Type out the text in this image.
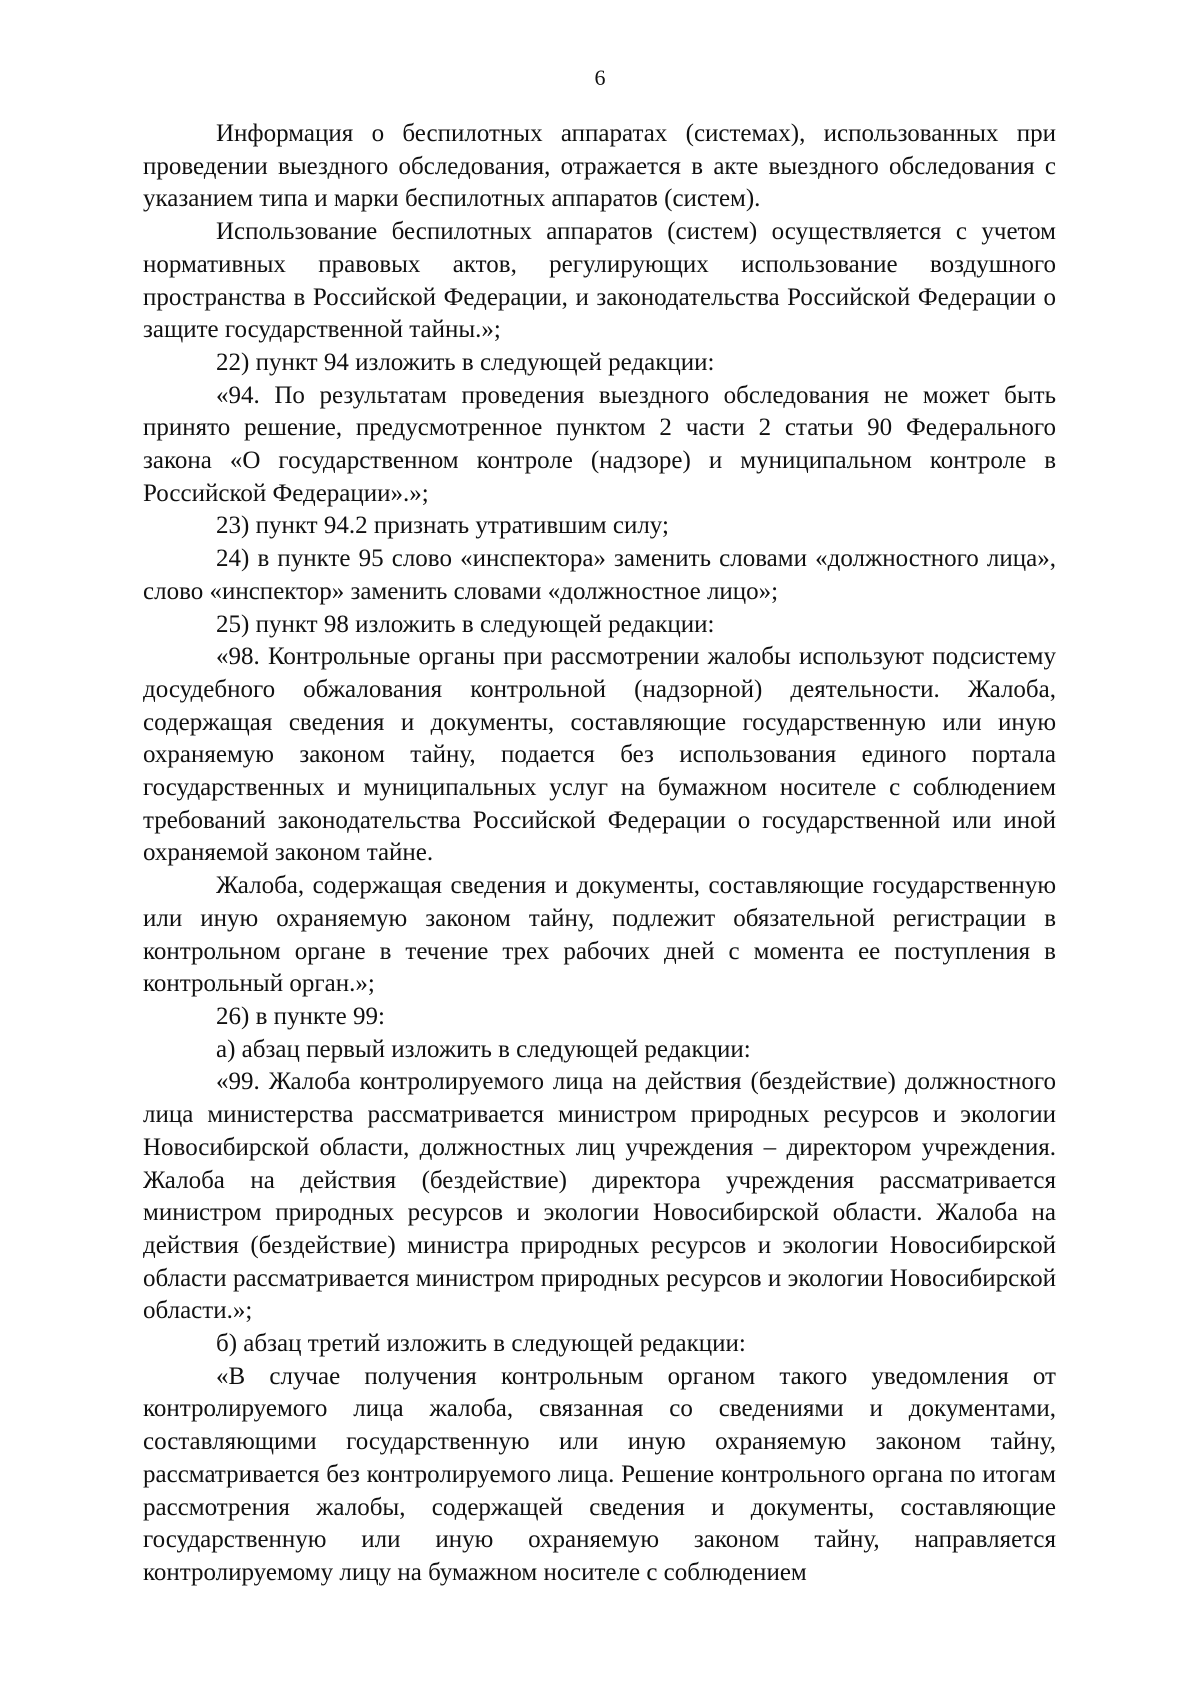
6

Информация о беспилотных аппаратах (системах), использованных при проведении выездного обследования, отражается в акте выездного обследования с указанием типа и марки беспилотных аппаратов (систем).

Использование беспилотных аппаратов (систем) осуществляется с учетом нормативных правовых актов, регулирующих использование воздушного пространства в Российской Федерации, и законодательства Российской Федерации о защите государственной тайны.»;

22) пункт 94 изложить в следующей редакции:

«94. По результатам проведения выездного обследования не может быть принято решение, предусмотренное пунктом 2 части 2 статьи 90 Федерального закона «О государственном контроле (надзоре) и муниципальном контроле в Российской Федерации».»;

23) пункт 94.2 признать утратившим силу;

24) в пункте 95 слово «инспектора» заменить словами «должностного лица», слово «инспектор» заменить словами «должностное лицо»;

25) пункт 98 изложить в следующей редакции:

«98. Контрольные органы при рассмотрении жалобы используют подсистему досудебного обжалования контрольной (надзорной) деятельности. Жалоба, содержащая сведения и документы, составляющие государственную или иную охраняемую законом тайну, подается без использования единого портала государственных и муниципальных услуг на бумажном носителе с соблюдением требований законодательства Российской Федерации о государственной или иной охраняемой законом тайне.

Жалоба, содержащая сведения и документы, составляющие государственную или иную охраняемую законом тайну, подлежит обязательной регистрации в контрольном органе в течение трех рабочих дней с момента ее поступления в контрольный орган.»;

26) в пункте 99:

а) абзац первый изложить в следующей редакции:

«99. Жалоба контролируемого лица на действия (бездействие) должностного лица министерства рассматривается министром природных ресурсов и экологии Новосибирской области, должностных лиц учреждения – директором учреждения. Жалоба на действия (бездействие) директора учреждения рассматривается министром природных ресурсов и экологии Новосибирской области. Жалоба на действия (бездействие) министра природных ресурсов и экологии Новосибирской области рассматривается министром природных ресурсов и экологии Новосибирской области.»;

б) абзац третий изложить в следующей редакции:

«В случае получения контрольным органом такого уведомления от контролируемого лица жалоба, связанная со сведениями и документами, составляющими государственную или иную охраняемую законом тайну, рассматривается без контролируемого лица. Решение контрольного органа по итогам рассмотрения жалобы, содержащей сведения и документы, составляющие государственную или иную охраняемую законом тайну, направляется контролируемому лицу на бумажном носителе с соблюдением
